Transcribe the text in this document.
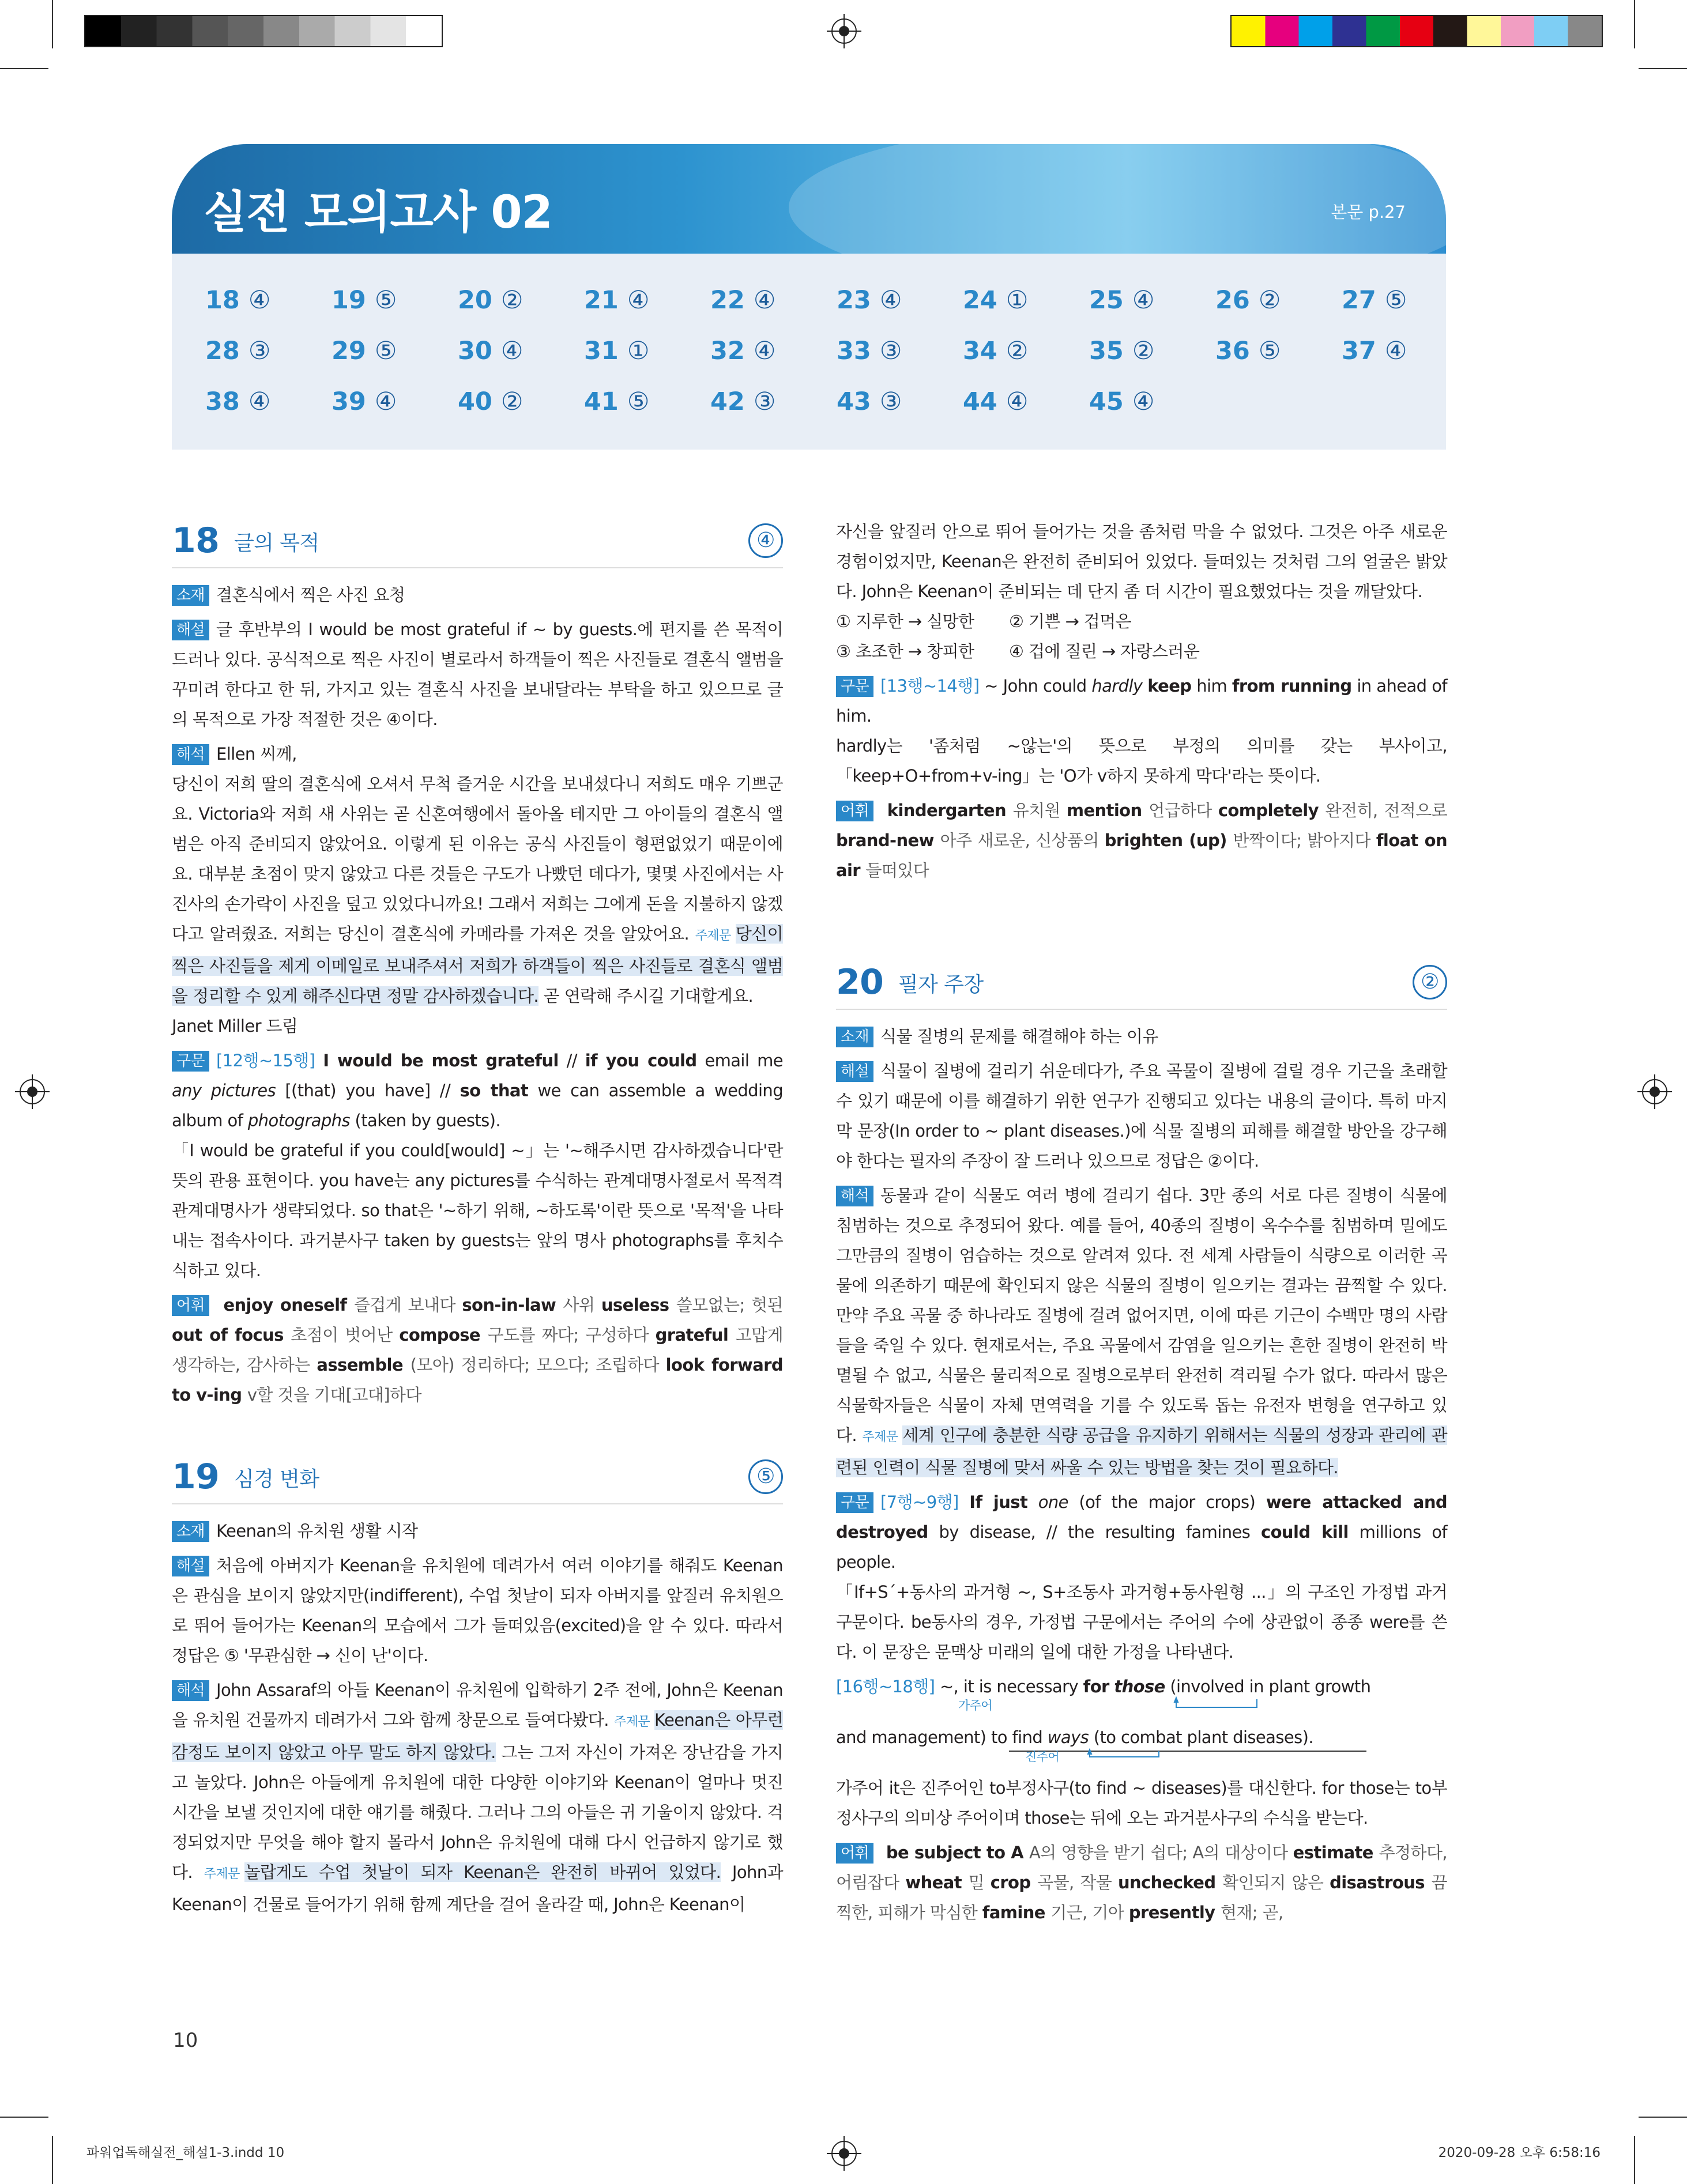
실전 모의고사 02	본문 p.27
18 ④ 19 ⑤ 20 ② 21 ④ 22 ④ 23 ④ 24 ① 25 ④ 26 ② 27 ⑤
28 ③ 29 ⑤ 30 ④ 31 ① 32 ④ 33 ③ 34 ② 35 ② 36 ⑤ 37 ④
38 ④ 39 ④ 40 ② 41 ⑤ 42 ③ 43 ③ 44 ④ 45 ④
18 글의 목적	④
소재 결혼식에서 찍은 사진 요청
해설 글 후반부의 I would be most grateful if ~ by guests.에 편지를 쓴 목적이 드러나 있다. 공식적으로 찍은 사진이 별로라서 하객들이 찍은 사진들로 결혼식 앨범을 꾸미려 한다고 한 뒤, 가지고 있는 결혼식 사진을 보내달라는 부탁을 하고 있으므로 글의 목적으로 가장 적절한 것은 ④이다.
해석 Ellen 씨께,
당신이 저희 딸의 결혼식에 오셔서 무척 즐거운 시간을 보내셨다니 저희도 매우 기쁘군요. Victoria와 저희 새 사위는 곧 신혼여행에서 돌아올 테지만 그 아이들의 결혼식 앨범은 아직 준비되지 않았어요. 이렇게 된 이유는 공식 사진들이 형편없었기 때문이에요. 대부분 초점이 맞지 않았고 다른 것들은 구도가 나빴던 데다가, 몇몇 사진에서는 사진사의 손가락이 사진을 덮고 있었다니까요! 그래서 저희는 그에게 돈을 지불하지 않겠다고 알려줬죠. 저희는 당신이 결혼식에 카메라를 가져온 것을 알았어요. 주제문 당신이 찍은 사진들을 제게 이메일로 보내주셔서 저희가 하객들이 찍은 사진들로 결혼식 앨범을 정리할 수 있게 해주신다면 정말 감사하겠습니다. 곧 연락해 주시길 기대할게요.
Janet Miller 드림
구문 [12행~15행] I would be most grateful // if you could email me any pictures [(that) you have] // so that we can assemble a wedding album of photographs (taken by guests).
「I would be grateful if you could[would] ~」는 '~해주시면 감사하겠습니다'란 뜻의 관용 표현이다. you have는 any pictures를 수식하는 관계대명사절로서 목적격 관계대명사가 생략되었다. so that은 '~하기 위해, ~하도록'이란 뜻으로 '목적'을 나타내는 접속사이다. 과거분사구 taken by guests는 앞의 명사 photographs를 후치수식하고 있다.
어휘 enjoy oneself 즐겁게 보내다 son-in-law 사위 useless 쓸모없는; 헛된 out of focus 초점이 벗어난 compose 구도를 짜다; 구성하다 grateful 고맙게 생각하는, 감사하는 assemble (모아) 정리하다; 모으다; 조립하다 look forward to v-ing v할 것을 기대[고대]하다
19 심경 변화	⑤
소재 Keenan의 유치원 생활 시작
해설 처음에 아버지가 Keenan을 유치원에 데려가서 여러 이야기를 해줘도 Keenan은 관심을 보이지 않았지만(indifferent), 수업 첫날이 되자 아버지를 앞질러 유치원으로 뛰어 들어가는 Keenan의 모습에서 그가 들떠있음(excited)을 알 수 있다. 따라서 정답은 ⑤ '무관심한 → 신이 난'이다.
해석 John Assaraf의 아들 Keenan이 유치원에 입학하기 2주 전에, John은 Keenan을 유치원 건물까지 데려가서 그와 함께 창문으로 들여다봤다. 주제문 Keenan은 아무런 감정도 보이지 않았고 아무 말도 하지 않았다. 그는 그저 자신이 가져온 장난감을 가지고 놀았다. John은 아들에게 유치원에 대한 다양한 이야기와 Keenan이 얼마나 멋진 시간을 보낼 것인지에 대한 얘기를 해줬다. 그러나 그의 아들은 귀 기울이지 않았다. 걱정되었지만 무엇을 해야 할지 몰라서 John은 유치원에 대해 다시 언급하지 않기로 했다. 주제문 놀랍게도 수업 첫날이 되자 Keenan은 완전히 바뀌어 있었다. John과 Keenan이 건물로 들어가기 위해 함께 계단을 걸어 올라갈 때, John은 Keenan이
자신을 앞질러 안으로 뛰어 들어가는 것을 좀처럼 막을 수 없었다. 그것은 아주 새로운 경험이었지만, Keenan은 완전히 준비되어 있었다. 들떠있는 것처럼 그의 얼굴은 밝았다. John은 Keenan이 준비되는 데 단지 좀 더 시간이 필요했었다는 것을 깨달았다.
① 지루한 → 실망한 ② 기쁜 → 겁먹은
③ 초조한 → 창피한 ④ 겁에 질린 → 자랑스러운
구문 [13행~14행] ~ John could hardly keep him from running in ahead of him.
hardly는 '좀처럼 ~않는'의 뜻으로 부정의 의미를 갖는 부사이고, 「keep+O+from+v-ing」는 'O가 v하지 못하게 막다'라는 뜻이다.
어휘 kindergarten 유치원 mention 언급하다 completely 완전히, 전적으로 brand-new 아주 새로운, 신상품의 brighten (up) 반짝이다; 밝아지다 float on air 들떠있다
20 필자 주장	②
소재 식물 질병의 문제를 해결해야 하는 이유
해설 식물이 질병에 걸리기 쉬운데다가, 주요 곡물이 질병에 걸릴 경우 기근을 초래할 수 있기 때문에 이를 해결하기 위한 연구가 진행되고 있다는 내용의 글이다. 특히 마지막 문장(In order to ~ plant diseases.)에 식물 질병의 피해를 해결할 방안을 강구해야 한다는 필자의 주장이 잘 드러나 있으므로 정답은 ②이다.
해석 동물과 같이 식물도 여러 병에 걸리기 쉽다. 3만 종의 서로 다른 질병이 식물에 침범하는 것으로 추정되어 왔다. 예를 들어, 40종의 질병이 옥수수를 침범하며 밀에도 그만큼의 질병이 엄습하는 것으로 알려져 있다. 전 세계 사람들이 식량으로 이러한 곡물에 의존하기 때문에 확인되지 않은 식물의 질병이 일으키는 결과는 끔찍할 수 있다. 만약 주요 곡물 중 하나라도 질병에 걸려 없어지면, 이에 따른 기근이 수백만 명의 사람들을 죽일 수 있다. 현재로서는, 주요 곡물에서 감염을 일으키는 흔한 질병이 완전히 박멸될 수 없고, 식물은 물리적으로 질병으로부터 완전히 격리될 수가 없다. 따라서 많은 식물학자들은 식물이 자체 면역력을 기를 수 있도록 돕는 유전자 변형을 연구하고 있다. 주제문 세계 인구에 충분한 식량 공급을 유지하기 위해서는 식물의 성장과 관리에 관련된 인력이 식물 질병에 맞서 싸울 수 있는 방법을 찾는 것이 필요하다.
구문 [7행~9행] If just one (of the major crops) were attacked and destroyed by disease, // the resulting famines could kill millions of people.
「If+S´+동사의 과거형 ~, S+조동사 과거형+동사원형 ...」의 구조인 가정법 과거 구문이다. be동사의 경우, 가정법 구문에서는 주어의 수에 상관없이 종종 were를 쓴다. 이 문장은 문맥상 미래의 일에 대한 가정을 나타낸다.
[16행~18행] ~, it is necessary for those (involved in plant growth
가주어
and management) to find ways (to combat plant diseases).
진주어
가주어 it은 진주어인 to부정사구(to find ~ diseases)를 대신한다. for those는 to부정사구의 의미상 주어이며 those는 뒤에 오는 과거분사구의 수식을 받는다.
어휘 be subject to A A의 영향을 받기 쉽다; A의 대상이다 estimate 추정하다, 어림잡다 wheat 밀 crop 곡물, 작물 unchecked 확인되지 않은 disastrous 끔찍한, 피해가 막심한 famine 기근, 기아 presently 현재; 곧,
10
파워업독해실전_해설1-3.indd 10	2020-09-28 오후 6:58:16
